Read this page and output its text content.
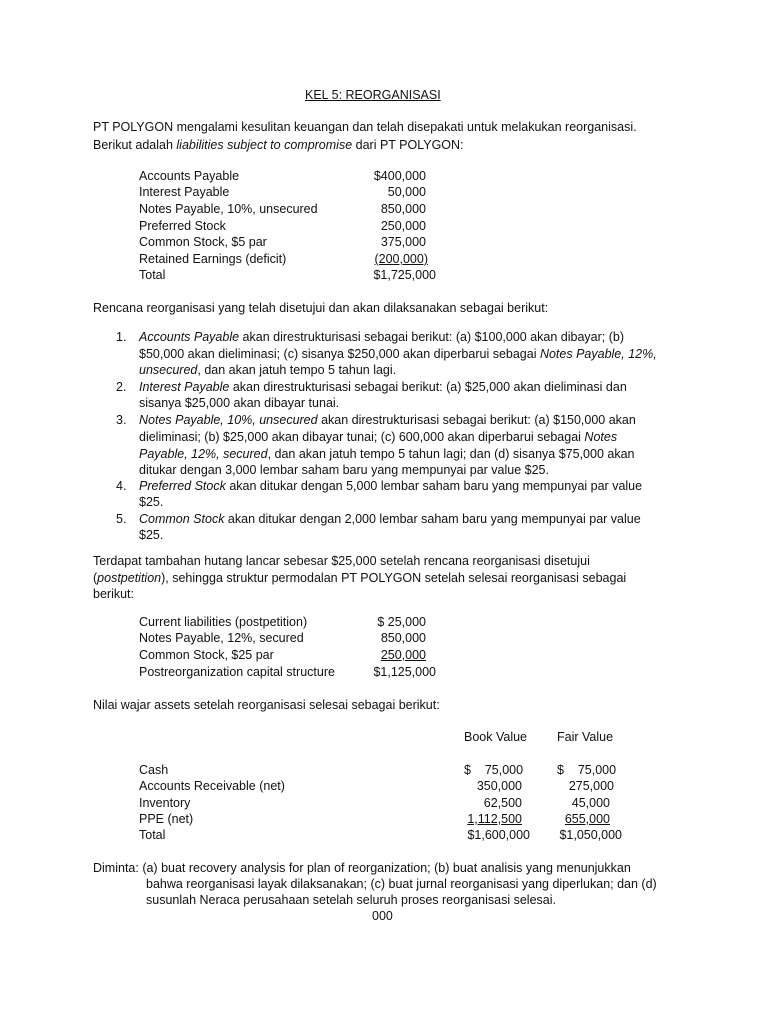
KEL 5: REORGANISASI
PT POLYGON mengalami kesulitan keuangan dan telah disepakati untuk melakukan reorganisasi.
Berikut adalah liabilities subject to compromise dari PT POLYGON:
Accounts Payable	$400,000
Interest Payable	50,000
Notes Payable, 10%, unsecured	850,000
Preferred Stock	250,000
Common Stock, $5 par	375,000
Retained Earnings (deficit)	(200,000)
Total	$1,725,000
Rencana reorganisasi yang telah disetujui dan akan dilaksanakan sebagai berikut:
1. Accounts Payable akan direstrukturisasi sebagai berikut: (a) $100,000 akan dibayar; (b)
$50,000 akan dieliminasi; (c) sisanya $250,000 akan diperbarui sebagai Notes Payable, 12%,
unsecured, dan akan jatuh tempo 5 tahun lagi.
2. Interest Payable akan direstrukturisasi sebagai berikut: (a) $25,000 akan dieliminasi dan
sisanya $25,000 akan dibayar tunai.
3. Notes Payable, 10%, unsecured akan direstrukturisasi sebagai berikut: (a) $150,000 akan
dieliminasi; (b) $25,000 akan dibayar tunai; (c) 600,000 akan diperbarui sebagai Notes
Payable, 12%, secured, dan akan jatuh tempo 5 tahun lagi; dan (d) sisanya $75,000 akan
ditukar dengan 3,000 lembar saham baru yang mempunyai par value $25.
4. Preferred Stock akan ditukar dengan 5,000 lembar saham baru yang mempunyai par value
$25.
5. Common Stock akan ditukar dengan 2,000 lembar saham baru yang mempunyai par value
$25.
Terdapat tambahan hutang lancar sebesar $25,000 setelah rencana reorganisasi disetujui
(postpetition), sehingga struktur permodalan PT POLYGON setelah selesai reorganisasi sebagai
berikut:
Current liabilities (postpetition)	$ 25,000
Notes Payable, 12%, secured	850,000
Common Stock, $25 par	250,000
Postreorganization capital structure	$1,125,000
Nilai wajar assets setelah reorganisasi selesai sebagai berikut:
Book Value Fair Value
Cash	$    75,000	$    75,000
Accounts Receivable (net)	350,000	275,000
Inventory	62,500	45,000
PPE (net)	1,112,500	655,000
Total	$1,600,000	$1,050,000
Diminta: (a) buat recovery analysis for plan of reorganization; (b) buat analisis yang menunjukkan
bahwa reorganisasi layak dilaksanakan; (c) buat jurnal reorganisasi yang diperlukan; dan (d)
susunlah Neraca perusahaan setelah seluruh proses reorganisasi selesai.
000
